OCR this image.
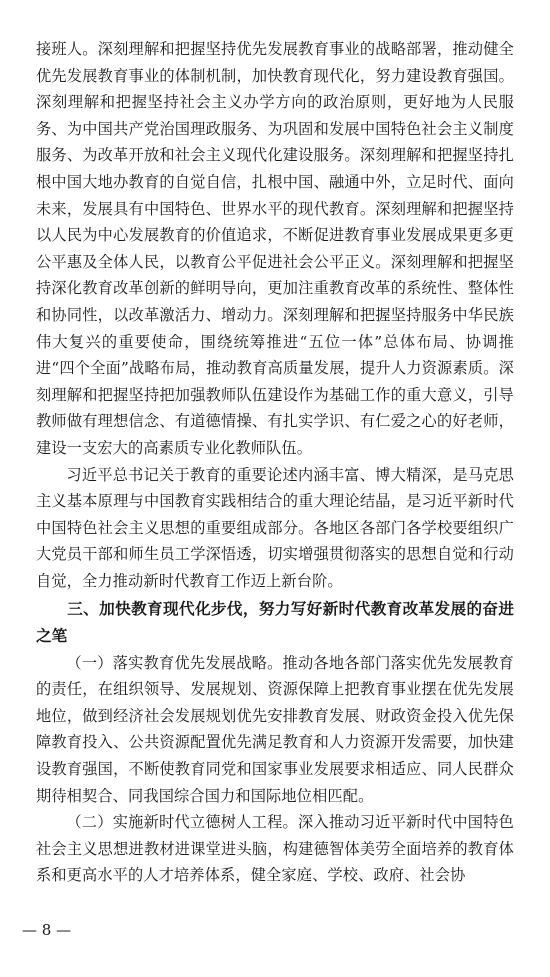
接班人。深刻理解和把握坚持优先发展教育事业的战略部署，推动健全优先发展教育事业的体制机制，加快教育现代化，努力建设教育强国。深刻理解和把握坚持社会主义办学方向的政治原则，更好地为人民服务、为中国共产党治国理政服务、为巩固和发展中国特色社会主义制度服务、为改革开放和社会主义现代化建设服务。深刻理解和把握坚持扎根中国大地办教育的自觉自信，扎根中国、融通中外，立足时代、面向未来，发展具有中国特色、世界水平的现代教育。深刻理解和把握坚持以人民为中心发展教育的价值追求，不断促进教育事业发展成果更多更公平惠及全体人民，以教育公平促进社会公平正义。深刻理解和把握坚持深化教育改革创新的鲜明导向，更加注重教育改革的系统性、整体性和协同性，以改革激活力、增动力。深刻理解和把握坚持服务中华民族伟大复兴的重要使命，围绕统筹推进“五位一体”总体布局、协调推进“四个全面”战略布局，推动教育高质量发展，提升人力资源素质。深刻理解和把握坚持把加强教师队伍建设作为基础工作的重大意义，引导教师做有理想信念、有道德情操、有扎实学识、有仁爱之心的好老师，建设一支宏大的高素质专业化教师队伍。

习近平总书记关于教育的重要论述内涵丰富、博大精深，是马克思主义基本原理与中国教育实践相结合的重大理论结晶，是习近平新时代中国特色社会主义思想的重要组成部分。各地区各部门各学校要组织广大党员干部和师生员工学深悟透，切实增强贯彻落实的思想自觉和行动自觉，全力推动新时代教育工作迈上新台阶。

三、加快教育现代化步伐，努力写好新时代教育改革发展的奋进之笔

（一）落实教育优先发展战略。推动各地各部门落实优先发展教育的责任，在组织领导、发展规划、资源保障上把教育事业摆在优先发展地位，做到经济社会发展规划优先安排教育发展、财政资金投入优先保障教育投入、公共资源配置优先满足教育和人力资源开发需要，加快建设教育强国，不断使教育同党和国家事业发展要求相适应、同人民群众期待相契合、同我国综合国力和国际地位相匹配。

（二）实施新时代立德树人工程。深入推动习近平新时代中国特色社会主义思想进教材进课堂进头脑，构建德智体美劳全面培养的教育体系和更高水平的人才培养体系，健全家庭、学校、政府、社会协

— 8 —
